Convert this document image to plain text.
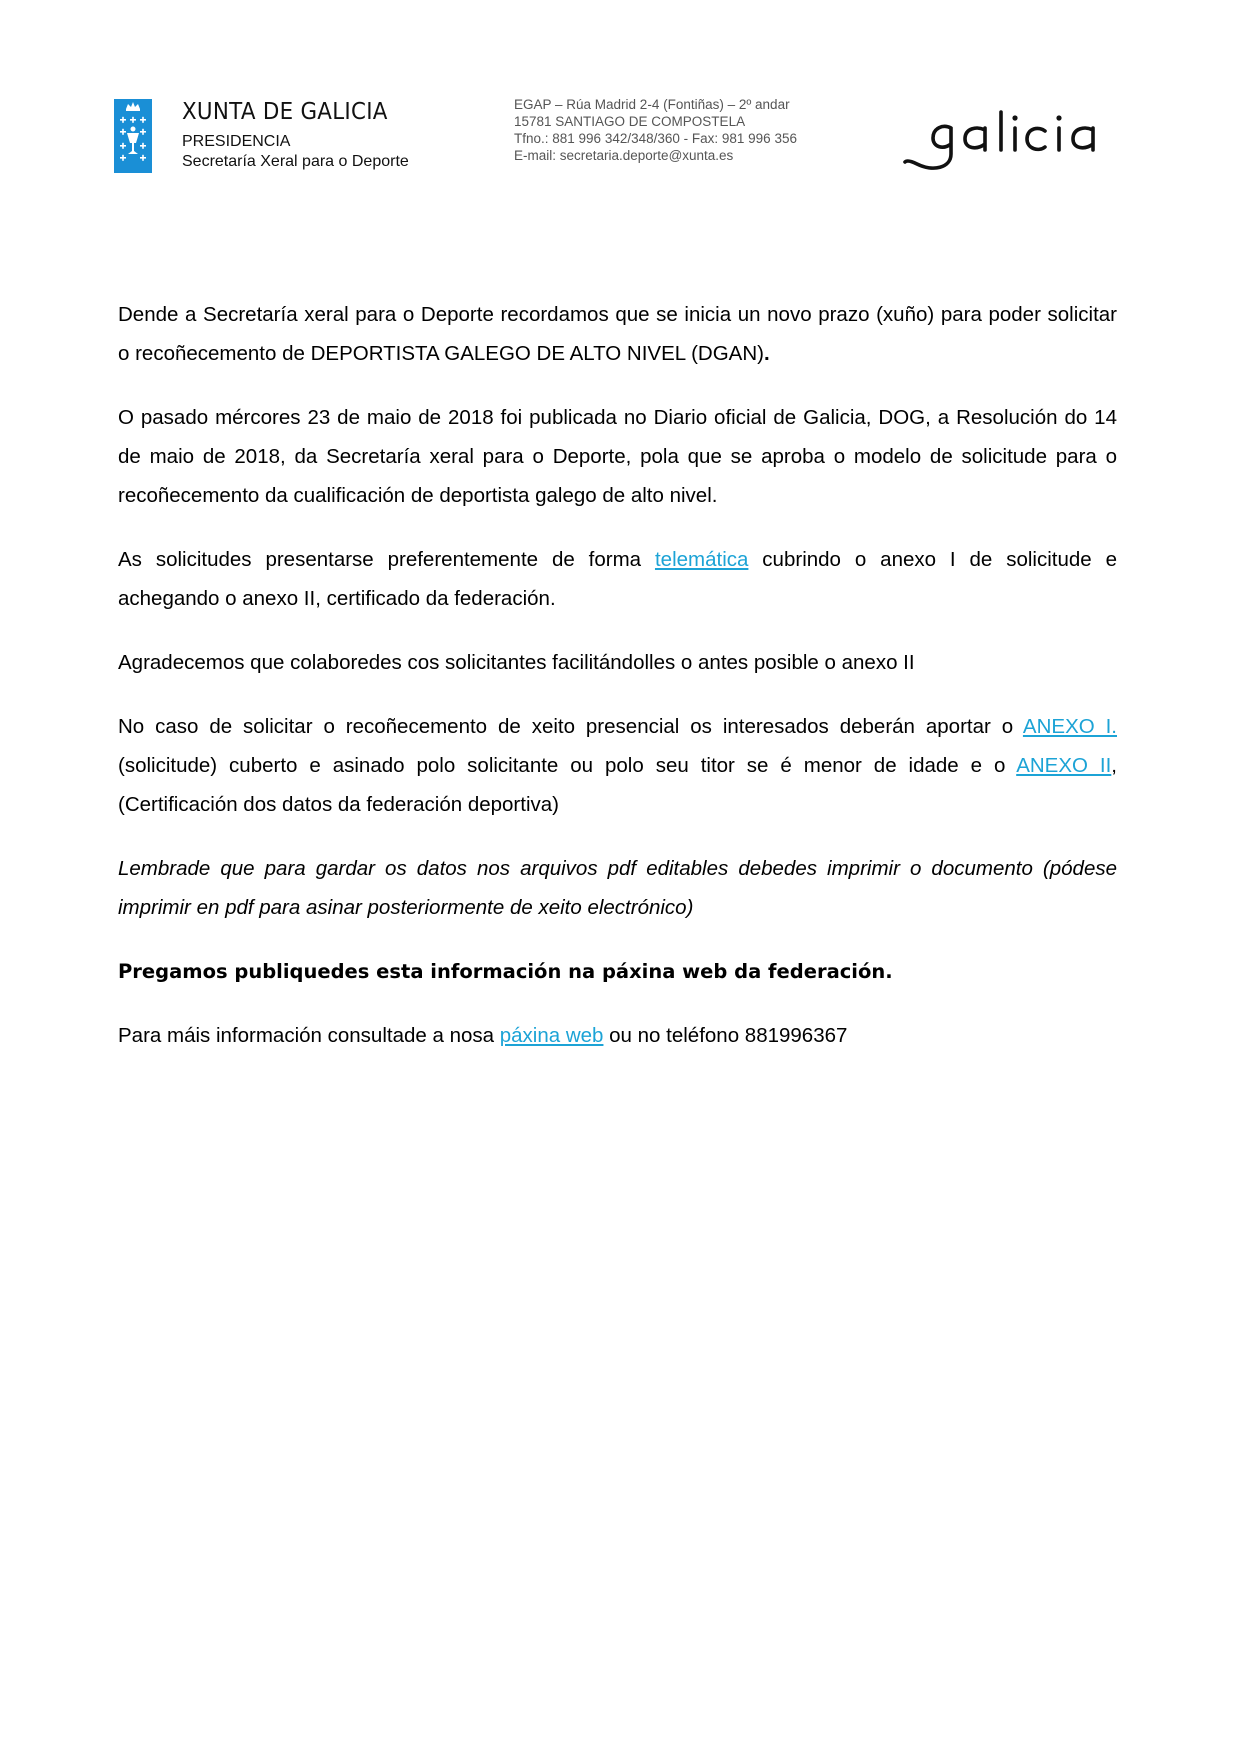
XUNTA DE GALICIA
PRESIDENCIA
Secretaría Xeral para o Deporte
EGAP – Rúa Madrid 2-4 (Fontiñas) – 2º andar
15781 SANTIAGO DE COMPOSTELA
Tfno.: 881 996 342/348/360 - Fax: 981 996 356
E-mail: secretaria.deporte@xunta.es

Dende a Secretaría xeral para o Deporte recordamos que se inicia un novo prazo (xuño) para poder solicitar o recoñecemento de DEPORTISTA GALEGO DE ALTO NIVEL (DGAN).

O pasado mércores 23 de maio de 2018 foi publicada no Diario oficial de Galicia, DOG, a Resolución do 14 de maio de 2018, da Secretaría xeral para o Deporte, pola que se aproba o modelo de solicitude para o recoñecemento da cualificación de deportista galego de alto nivel.

As solicitudes presentarse preferentemente de forma telemática cubrindo o anexo I de solicitude e achegando o anexo II, certificado da federación.

Agradecemos que colaboredes cos solicitantes facilitándolles o antes posible o anexo II

No caso de solicitar o recoñecemento de xeito presencial os interesados deberán aportar o ANEXO I. (solicitude) cuberto e asinado polo solicitante ou polo seu titor se é menor de idade e o ANEXO II, (Certificación dos datos da federación deportiva)

Lembrade que para gardar os datos nos arquivos pdf editables debedes imprimir o documento (pódese imprimir en pdf para asinar posteriormente de xeito electrónico)

Pregamos publiquedes esta información na páxina web da federación.

Para máis información consultade a nosa páxina web ou no teléfono 881996367
